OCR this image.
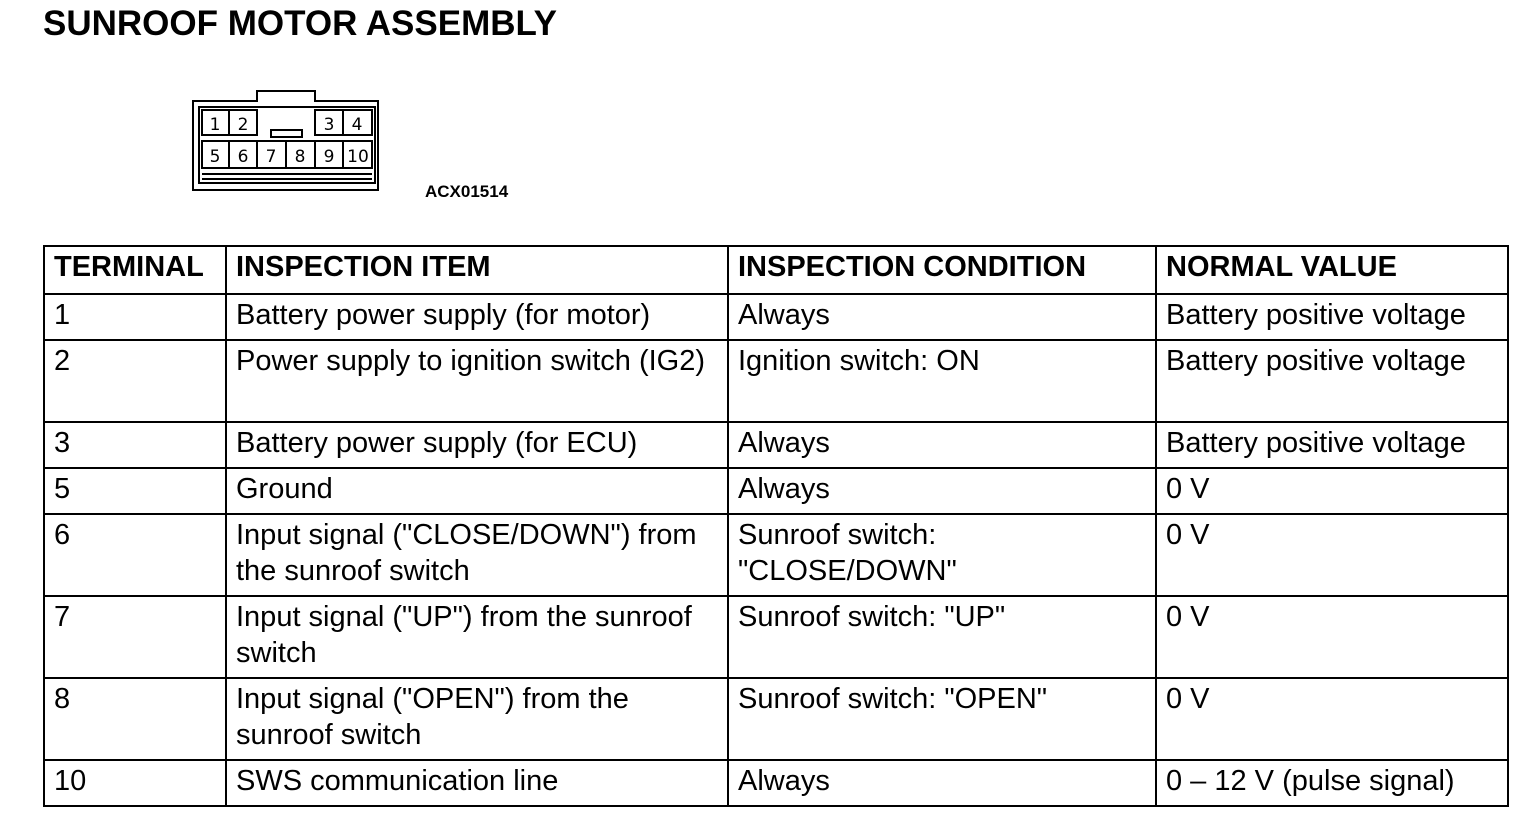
SUNROOF MOTOR ASSEMBLY
1 2	3 4
5 6 7 8 9 10
ACX01514
TERMINAL	INSPECTION ITEM	INSPECTION CONDITION	NORMAL VALUE
1	Battery power supply (for motor)	Always	Battery positive voltage
2	Power supply to ignition switch (IG2)	Ignition switch: ON	Battery positive voltage
3	Battery power supply (for ECU)	Always	Battery positive voltage
5	Ground	Always	0 V
6	Input signal ("CLOSE/DOWN") from the sunroof switch	Sunroof switch: "CLOSE/DOWN"	0 V
7	Input signal ("UP") from the sunroof switch	Sunroof switch: "UP"	0 V
8	Input signal ("OPEN") from the sunroof switch	Sunroof switch: "OPEN"	0 V
10	SWS communication line	Always	0 – 12 V (pulse signal)
